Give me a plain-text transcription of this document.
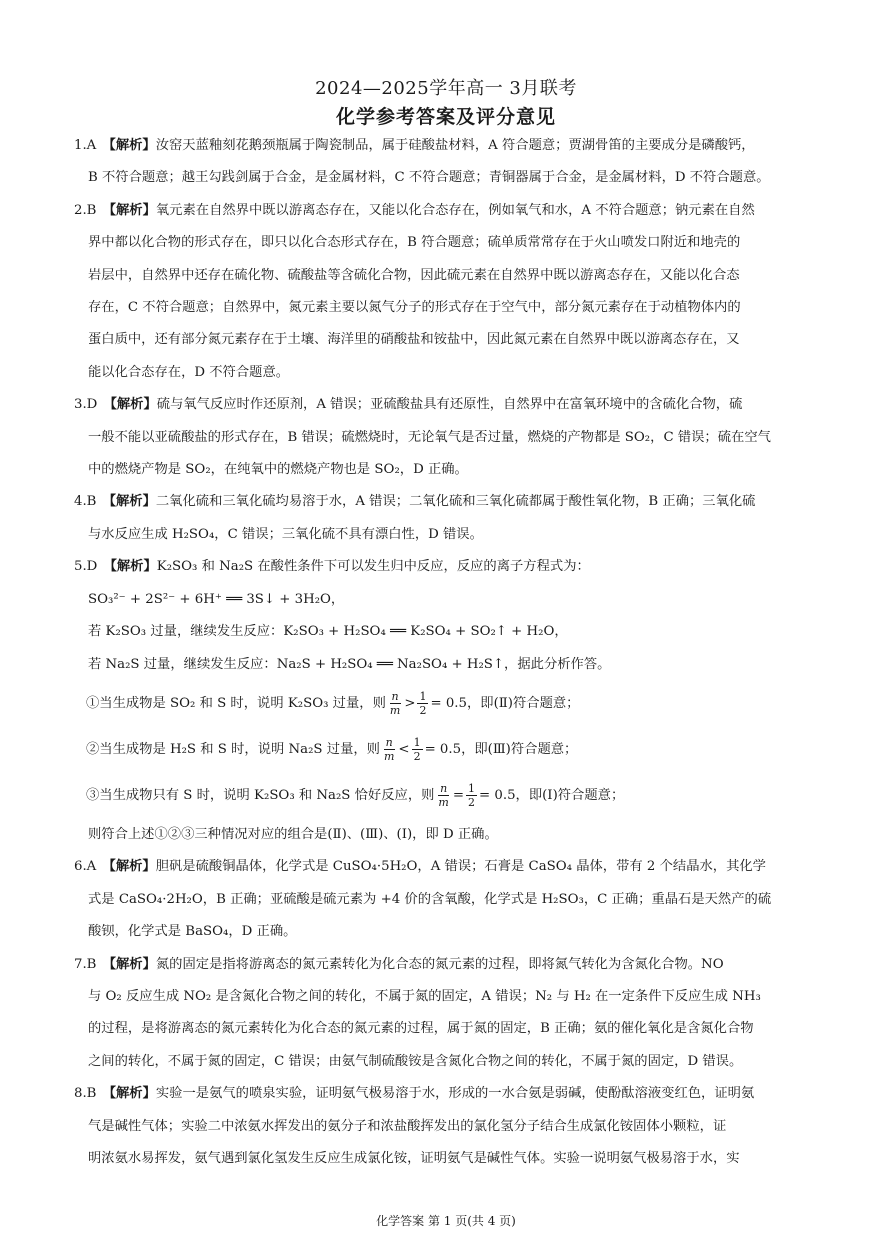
2024—2025学年高一 3月联考
化学参考答案及评分意见

1.A 【解析】汝窑天蓝釉刻花鹅颈瓶属于陶瓷制品，属于硅酸盐材料，A 符合题意；贾湖骨笛的主要成分是磷酸钙，

B 不符合题意；越王勾践剑属于合金，是金属材料，C 不符合题意；青铜器属于合金，是金属材料，D 不符合题意。

2.B 【解析】氧元素在自然界中既以游离态存在，又能以化合态存在，例如氧气和水，A 不符合题意；钠元素在自然

界中都以化合物的形式存在，即只以化合态形式存在，B 符合题意；硫单质常常存在于火山喷发口附近和地壳的

岩层中，自然界中还存在硫化物、硫酸盐等含硫化合物，因此硫元素在自然界中既以游离态存在，又能以化合态

存在，C 不符合题意；自然界中，氮元素主要以氮气分子的形式存在于空气中，部分氮元素存在于动植物体内的

蛋白质中，还有部分氮元素存在于土壤、海洋里的硝酸盐和铵盐中，因此氮元素在自然界中既以游离态存在，又

能以化合态存在，D 不符合题意。

3.D 【解析】硫与氧气反应时作还原剂，A 错误；亚硫酸盐具有还原性，自然界中在富氧环境中的含硫化合物，硫

一般不能以亚硫酸盐的形式存在，B 错误；硫燃烧时，无论氧气是否过量，燃烧的产物都是 SO₂，C 错误；硫在空气

中的燃烧产物是 SO₂，在纯氧中的燃烧产物也是 SO₂，D 正确。

4.B 【解析】二氧化硫和三氧化硫均易溶于水，A 错误；二氧化硫和三氧化硫都属于酸性氧化物，B 正确；三氧化硫

与水反应生成 H₂SO₄，C 错误；三氧化硫不具有漂白性，D 错误。

5.D 【解析】K₂SO₃ 和 Na₂S 在酸性条件下可以发生归中反应，反应的离子方程式为：

SO₃²⁻ + 2S²⁻ + 6H⁺ ══ 3S↓ + 3H₂O，

若 K₂SO₃ 过量，继续发生反应：K₂SO₃ + H₂SO₄ ══ K₂SO₄ + SO₂↑ + H₂O，

若 Na₂S 过量，继续发生反应：Na₂S + H₂SO₄ ══ Na₂SO₄ + H₂S↑，据此分析作答。

①当生成物是 SO₂ 和 S 时，说明 K₂SO₃ 过量，则 $\frac{n}{m} > \frac{1}{2} = 0.5$，即(Ⅱ)符合题意；

②当生成物是 H₂S 和 S 时，说明 Na₂S 过量，则 $\frac{n}{m} < \frac{1}{2} = 0.5$，即(Ⅲ)符合题意；

③当生成物只有 S 时，说明 K₂SO₃ 和 Na₂S 恰好反应，则 $\frac{n}{m} = \frac{1}{2} = 0.5$，即(Ⅰ)符合题意；

则符合上述①②③三种情况对应的组合是(Ⅱ)、(Ⅲ)、(Ⅰ)，即 D 正确。

6.A 【解析】胆矾是硫酸铜晶体，化学式是 CuSO₄·5H₂O，A 错误；石膏是 CaSO₄ 晶体，带有 2 个结晶水，其化学

式是 CaSO₄·2H₂O，B 正确；亚硫酸是硫元素为 +4 价的含氧酸，化学式是 H₂SO₃，C 正确；重晶石是天然产的硫

酸钡，化学式是 BaSO₄，D 正确。

7.B 【解析】氮的固定是指将游离态的氮元素转化为化合态的氮元素的过程，即将氮气转化为含氮化合物。NO

与 O₂ 反应生成 NO₂ 是含氮化合物之间的转化，不属于氮的固定，A 错误；N₂ 与 H₂ 在一定条件下反应生成 NH₃

的过程，是将游离态的氮元素转化为化合态的氮元素的过程，属于氮的固定，B 正确；氨的催化氧化是含氮化合物

之间的转化，不属于氮的固定，C 错误；由氨气制硫酸铵是含氮化合物之间的转化，不属于氮的固定，D 错误。

8.B 【解析】实验一是氨气的喷泉实验，证明氨气极易溶于水，形成的一水合氨是弱碱，使酚酞溶液变红色，证明氨

气是碱性气体；实验二中浓氨水挥发出的氨分子和浓盐酸挥发出的氯化氢分子结合生成氯化铵固体小颗粒，证

明浓氨水易挥发，氨气遇到氯化氢发生反应生成氯化铵，证明氨气是碱性气体。实验一说明氨气极易溶于水，实

化学答案 第 1 页(共 4 页)
